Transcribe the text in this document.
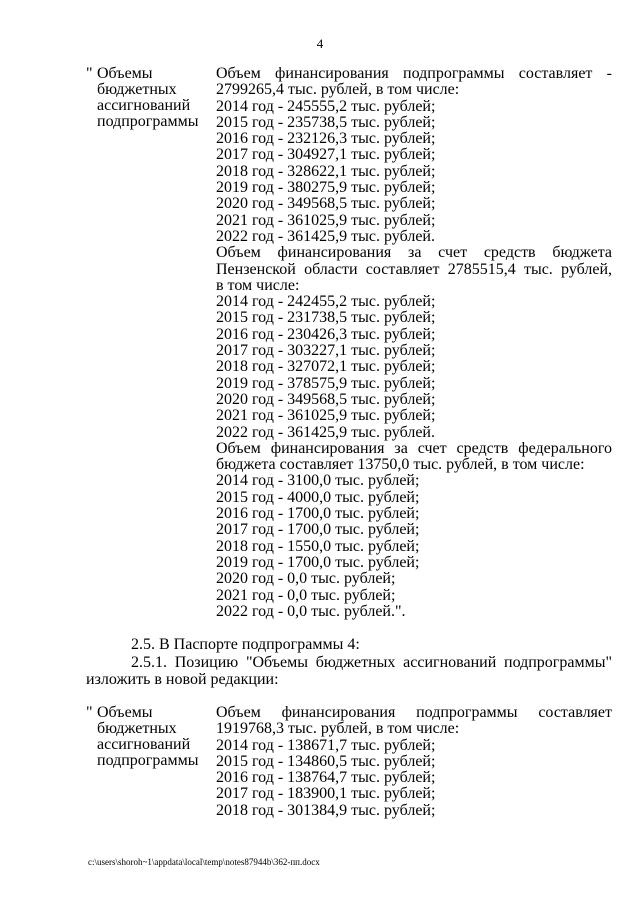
4
" Объемы
бюджетных
ассигнований
подпрограммы
Объем финансирования подпрограммы составляет -
2799265,4 тыс. рублей, в том числе:
2014 год - 245555,2 тыс. рублей;
2015 год - 235738,5 тыс. рублей;
2016 год - 232126,3 тыс. рублей;
2017 год - 304927,1 тыс. рублей;
2018 год - 328622,1 тыс. рублей;
2019 год - 380275,9 тыс. рублей;
2020 год - 349568,5 тыс. рублей;
2021 год - 361025,9 тыс. рублей;
2022 год - 361425,9 тыс. рублей.
Объем финансирования за счет средств бюджета
Пензенской области составляет 2785515,4 тыс. рублей,
в том числе:
2014 год - 242455,2 тыс. рублей;
2015 год - 231738,5 тыс. рублей;
2016 год - 230426,3 тыс. рублей;
2017 год - 303227,1 тыс. рублей;
2018 год - 327072,1 тыс. рублей;
2019 год - 378575,9 тыс. рублей;
2020 год - 349568,5 тыс. рублей;
2021 год - 361025,9 тыс. рублей;
2022 год - 361425,9 тыс. рублей.
Объем финансирования за счет средств федерального
бюджета составляет 13750,0 тыс. рублей, в том числе:
2014 год - 3100,0 тыс. рублей;
2015 год - 4000,0 тыс. рублей;
2016 год - 1700,0 тыс. рублей;
2017 год - 1700,0 тыс. рублей;
2018 год - 1550,0 тыс. рублей;
2019 год - 1700,0 тыс. рублей;
2020 год - 0,0 тыс. рублей;
2021 год - 0,0 тыс. рублей;
2022 год - 0,0 тыс. рублей.".
2.5. В Паспорте подпрограммы 4:
2.5.1. Позицию "Объемы бюджетных ассигнований подпрограммы"
изложить в новой редакции:
" Объемы
бюджетных
ассигнований
подпрограммы
Объем финансирования подпрограммы составляет
1919768,3 тыс. рублей, в том числе:
2014 год - 138671,7 тыс. рублей;
2015 год - 134860,5 тыс. рублей;
2016 год - 138764,7 тыс. рублей;
2017 год - 183900,1 тыс. рублей;
2018 год - 301384,9 тыс. рублей;
c:\users\shoroh~1\appdata\local\temp\notes87944b\362-пп.docx
